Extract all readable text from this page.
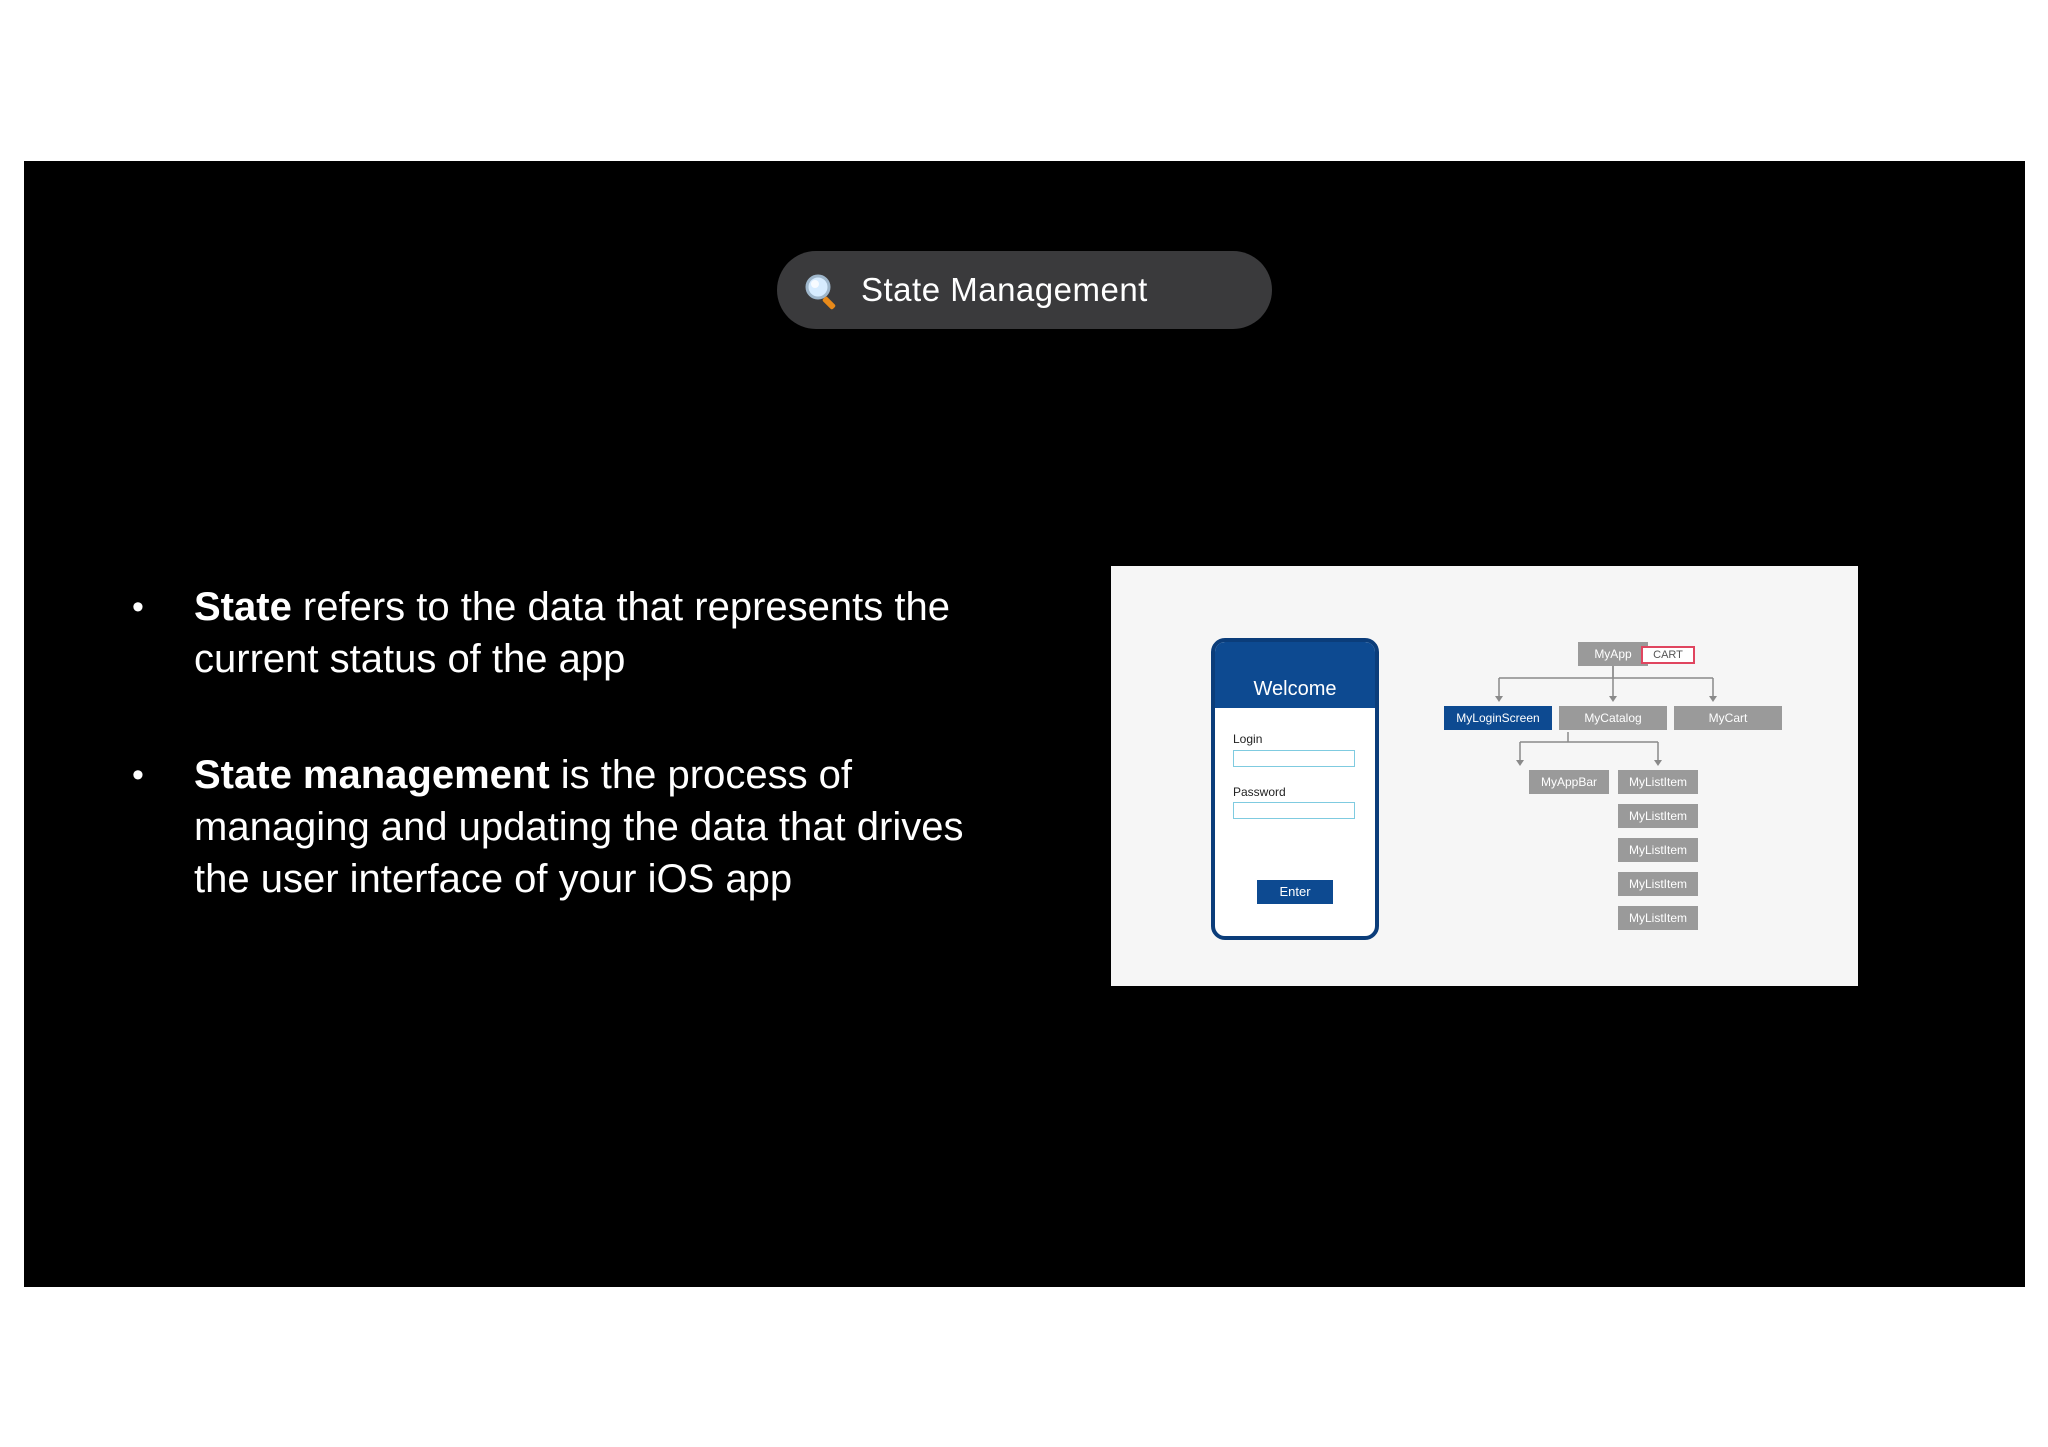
State Management
• State refers to the data that represents the current status of the app
• State management is the process of managing and updating the data that drives the user interface of your iOS app
Welcome
Login
Password
Enter
MyApp	CART
MyLoginScreen	MyCatalog	MyCart
MyAppBar	MyListItem
MyListItem
MyListItem
MyListItem
MyListItem
